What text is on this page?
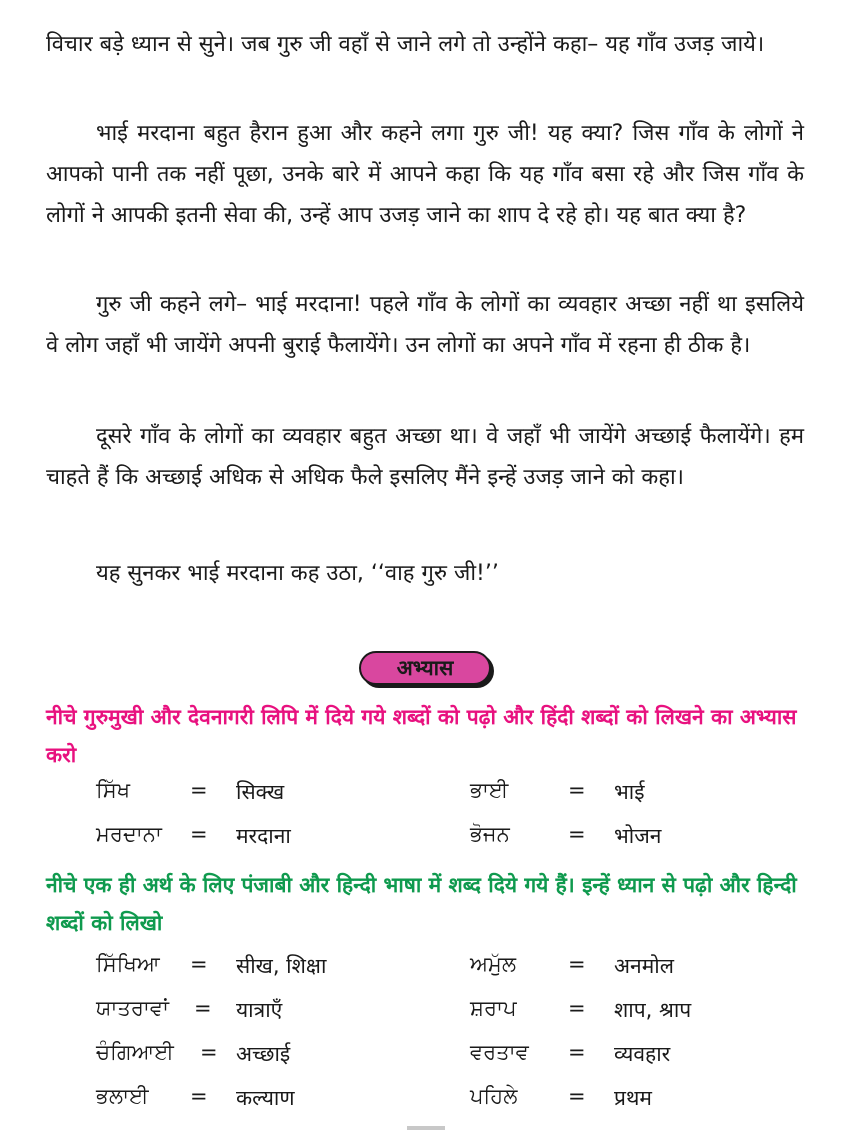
विचार बड़े ध्यान से सुने। जब गुरु जी वहाँ से जाने लगे तो उन्होंने कहा– यह गाँव उजड़ जाये।

भाई मरदाना बहुत हैरान हुआ और कहने लगा गुरु जी! यह क्या? जिस गाँव के लोगों ने आपको पानी तक नहीं पूछा, उनके बारे में आपने कहा कि यह गाँव बसा रहे और जिस गाँव के लोगों ने आपकी इतनी सेवा की, उन्हें आप उजड़ जाने का शाप दे रहे हो। यह बात क्या है?

गुरु जी कहने लगे– भाई मरदाना! पहले गाँव के लोगों का व्यवहार अच्छा नहीं था इसलिये वे लोग जहाँ भी जायेंगे अपनी बुराई फैलायेंगे। उन लोगों का अपने गाँव में रहना ही ठीक है।

दूसरे गाँव के लोगों का व्यवहार बहुत अच्छा था। वे जहाँ भी जायेंगे अच्छाई फैलायेंगे। हम चाहते हैं कि अच्छाई अधिक से अधिक फैले इसलिए मैंने इन्हें उजड़ जाने को कहा।

यह सुनकर भाई मरदाना कह उठा, ‘‘वाह गुरु जी!’’

अभ्यास

नीचे गुरुमुखी और देवनागरी लिपि में दिये गये शब्दों को पढ़ो और हिंदी शब्दों को लिखने का अभ्यास करो

ਸਿੱਖ	= सिक्ख	ਭਾਈ	= भाई
ਮਰਦਾਨਾ = मरदाना	ਭੋਜਨ	= भोजन

नीचे एक ही अर्थ के लिए पंजाबी और हिन्दी भाषा में शब्द दिये गये हैं। इन्हें ध्यान से पढ़ो और हिन्दी शब्दों को लिखो

ਸਿੱਖਿਆ = सीख, शिक्षा	ਅਮੁੱਲ = अनमोल
ਯਾਤਰਾਵਾਂ = यात्राएँ	ਸ਼ਰਾਪ = शाप, श्राप
ਚੰਗਿਆਈ = अच्छाई	ਵਰਤਾਵ = व्यवहार
ਭਲਾਈ = कल्याण	ਪਹਿਲੇ = प्रथम
